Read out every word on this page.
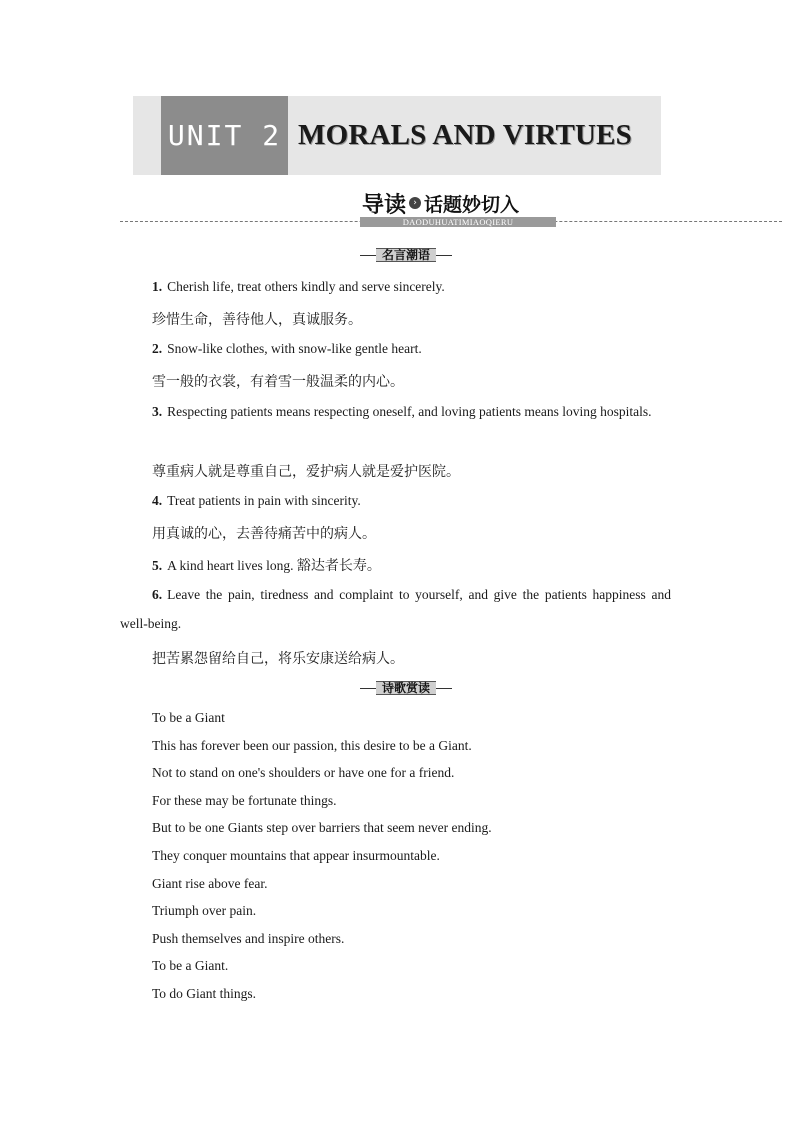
UNIT 2 MORALS AND VIRTUES
导读 › 话题妙切入
DAODUHUATIMIAOQIERU
名言潮语
1. Cherish life, treat others kindly and serve sincerely.
珍惜生命，善待他人，真诚服务。
2. Snow-like clothes, with snow-like gentle heart.
雪一般的衣裳，有着雪一般温柔的内心。
3. Respecting patients means respecting oneself, and loving patients means loving hospitals.
尊重病人就是尊重自己，爱护病人就是爱护医院。
4. Treat patients in pain with sincerity.
用真诚的心，去善待痛苦中的病人。
5. A kind heart lives long. 豁达者长寿。
6. Leave the pain, tiredness and complaint to yourself, and give the patients happiness and well-being.
把苦累怨留给自己，将乐安康送给病人。
诗歌赏读
To be a Giant
This has forever been our passion, this desire to be a Giant.
Not to stand on one's shoulders or have one for a friend.
For these may be fortunate things.
But to be one Giants step over barriers that seem never ending.
They conquer mountains that appear insurmountable.
Giant rise above fear.
Triumph over pain.
Push themselves and inspire others.
To be a Giant.
To do Giant things.
